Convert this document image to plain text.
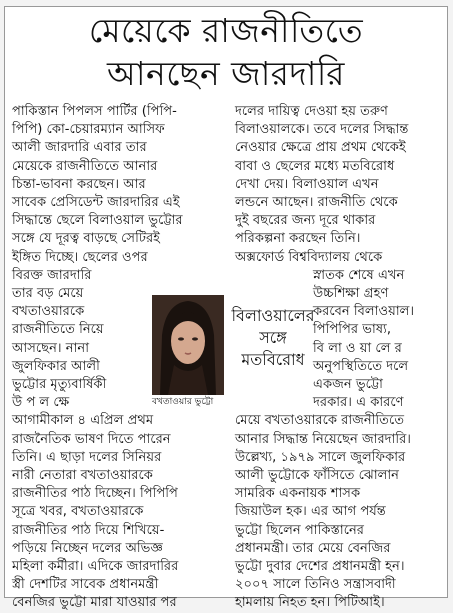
মেয়েকে রাজনীতিতে
আনছেন জারদারি
পাকিস্তান পিপলস পার্টির (পিপি-
পিপি) কো-চেয়ারম্যান আসিফ
আলী জারদারি এবার তার
মেয়েকে রাজনীতিতে আনার
চিন্তা-ভাবনা করছেন। আর
সাবেক প্রেসিডেন্ট জারদারির এই
সিদ্ধান্তে ছেলে বিলাওয়াল ভুট্টোর
সঙ্গে যে দূরত্ব বাড়ছে সেটিরই
ইঙ্গিত দিচ্ছে। ছেলের ওপর
বিরক্ত জারদারি
তার বড় মেয়ে
বখতাওয়ারকে
রাজনীতিতে নিয়ে
আসছেন। নানা
জুলফিকার আলী
ভুট্টোর মৃত্যুবার্ষিকী
উ প ল ক্ষে
আগামীকাল ৪ এপ্রিল প্রথম
রাজনৈতিক ভাষণ দিতে পারেন
তিনি। এ ছাড়া দলের সিনিয়র
নারী নেতারা বখতাওয়ারকে
রাজনীতির পাঠ দিচ্ছেন। পিপিপি
সূত্রে খবর, বখতাওয়ারকে
রাজনীতির পাঠ দিয়ে শিখিয়ে-
পড়িয়ে নিচ্ছেন দলের অভিজ্ঞ
মহিলা কর্মীরা। এদিকে জারদারির
স্ত্রী দেশটির সাবেক প্রধানমন্ত্রী
বেনজির ভুট্টো মারা যাওয়ার পর
দলের দায়িত্ব দেওয়া হয় তরুণ
বিলাওয়ালকে। তবে দলের সিদ্ধান্ত
নেওয়ার ক্ষেত্রে প্রায় প্রথম থেকেই
বাবা ও ছেলের মধ্যে মতবিরোধ
দেখা দেয়। বিলাওয়াল এখন
লন্ডনে আছেন। রাজনীতি থেকে
দুই বছরের জন্য দূরে থাকার
পরিকল্পনা করছেন তিনি।
অক্সফোর্ড বিশ্ববিদ্যালয় থেকে
স্নাতক শেষে এখন
উচ্চশিক্ষা গ্রহণ
করবেন বিলাওয়াল।
পিপিপির ভাষ্য,
বি লা ও য়া লে র
অনুপস্থিতিতে দলে
একজন ভুট্টো
দরকার। এ কারণে
মেয়ে বখতাওয়ারকে রাজনীতিতে
আনার সিদ্ধান্ত নিয়েছেন জারদারি।
উল্লেখ্য, ১৯৭৯ সালে জুলফিকার
আলী ভুট্টোকে ফাঁসিতে ঝোলান
সামরিক একনায়ক শাসক
জিয়াউল হক। এর আগ পর্যন্ত
ভুট্টো ছিলেন পাকিস্তানের
প্রধানমন্ত্রী। তার মেয়ে বেনজির
ভুট্টো দুবার দেশের প্রধানমন্ত্রী হন।
২০০৭ সালে তিনিও সন্ত্রাসবাদী
হামলায় নিহত হন। পিটিআই।
বখতাওয়ার ভুট্টো
বিলাওয়ালের
সঙ্গে
মতবিরোধ
